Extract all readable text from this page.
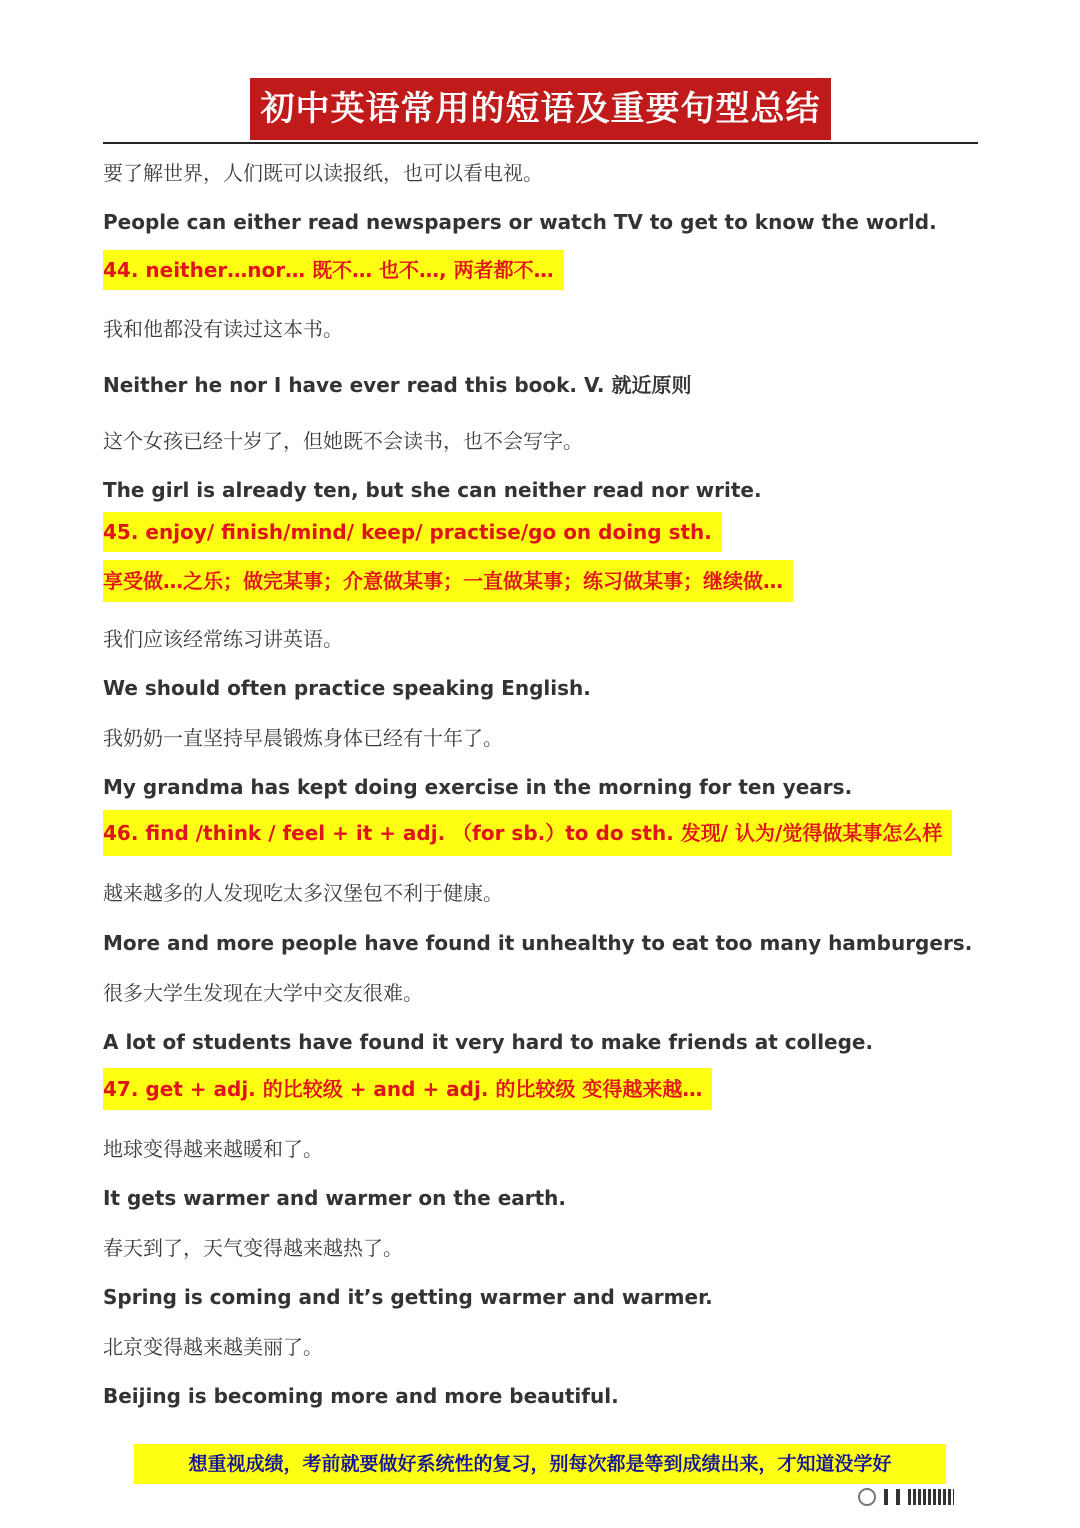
初中英语常用的短语及重要句型总结
要了解世界，人们既可以读报纸，也可以看电视。
People can either read newspapers or watch TV to get to know the world.
44. neither…nor… 既不… 也不…, 两者都不…
我和他都没有读过这本书。
Neither he nor I have ever read this book. V. 就近原则
这个女孩已经十岁了，但她既不会读书，也不会写字。
The girl is already ten, but she can neither read nor write.
45. enjoy/ finish/mind/ keep/ practise/go on doing sth.
享受做…之乐；做完某事；介意做某事；一直做某事；练习做某事；继续做…
我们应该经常练习讲英语。
We should often practice speaking English.
我奶奶一直坚持早晨锻炼身体已经有十年了。
My grandma has kept doing exercise in the morning for ten years.
46. find /think / feel + it + adj. （for sb.）to do sth. 发现/ 认为/觉得做某事怎么样
越来越多的人发现吃太多汉堡包不利于健康。
More and more people have found it unhealthy to eat too many hamburgers.
很多大学生发现在大学中交友很难。
A lot of students have found it very hard to make friends at college.
47. get + adj. 的比较级 + and + adj. 的比较级 变得越来越…
地球变得越来越暖和了。
It gets warmer and warmer on the earth.
春天到了，天气变得越来越热了。
Spring is coming and it’s getting warmer and warmer.
北京变得越来越美丽了。
Beijing is becoming more and more beautiful.
想重视成绩，考前就要做好系统性的复习，别每次都是等到成绩出来，才知道没学好
